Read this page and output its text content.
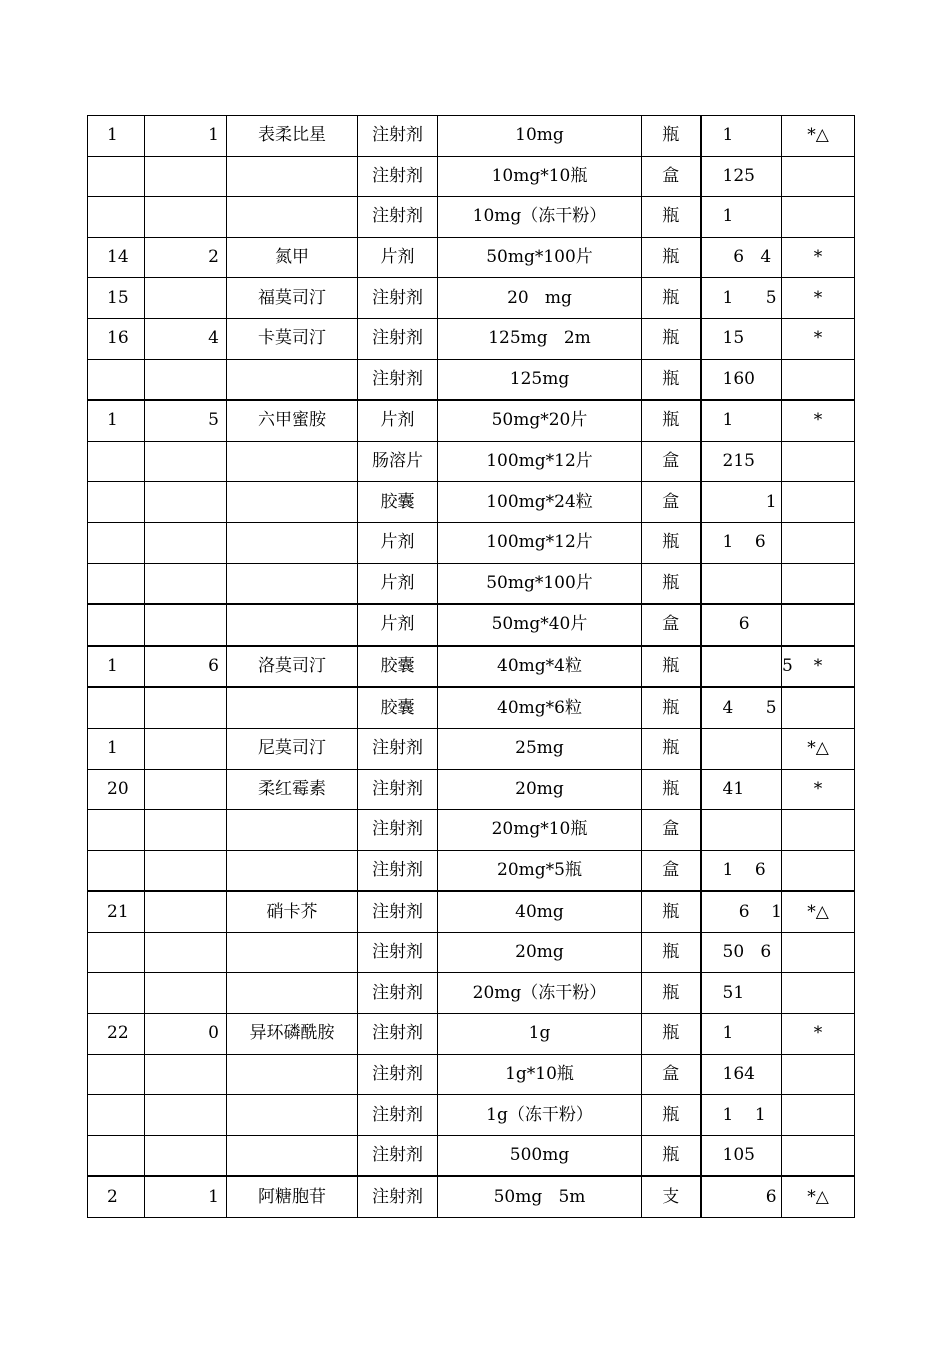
1	1	表柔比星	注射剂	10mg	瓶	1	*△
			注射剂	10mg*10瓶	盒	125	
			注射剂	10mg（冻干粉）	瓶	1	
14	2	氮甲	片剂	50mg*100片	瓶	6   4	*
15		福莫司汀	注射剂	20   mg	瓶	1      5	*
16	4	卡莫司汀	注射剂	125mg   2m	瓶	15	*
			注射剂	125mg	瓶	160	
1	5	六甲蜜胺	片剂	50mg*20片	瓶	1	*
			肠溶片	100mg*12片	盒	215	
			胶囊	100mg*24粒	盒	1	
			片剂	100mg*12片	瓶	1    6	
			片剂	50mg*100片	瓶		
			片剂	50mg*40片	盒	6	
1	6	洛莫司汀	胶囊	40mg*4粒	瓶	5	*
			胶囊	40mg*6粒	瓶	4      5	
1		尼莫司汀	注射剂	25mg	瓶		*△
20		柔红霉素	注射剂	20mg	瓶	41	*
			注射剂	20mg*10瓶	盒		
			注射剂	20mg*5瓶	盒	1    6	
21		硝卡芥	注射剂	40mg	瓶	6    1	*△
			注射剂	20mg	瓶	50   6	
			注射剂	20mg（冻干粉）	瓶	51	
22	0	异环磷酰胺	注射剂	1g	瓶	1	*
			注射剂	1g*10瓶	盒	164	
			注射剂	1g（冻干粉）	瓶	1    1	
			注射剂	500mg	瓶	105	
2	1	阿糖胞苷	注射剂	50mg   5m	支	6	*△
